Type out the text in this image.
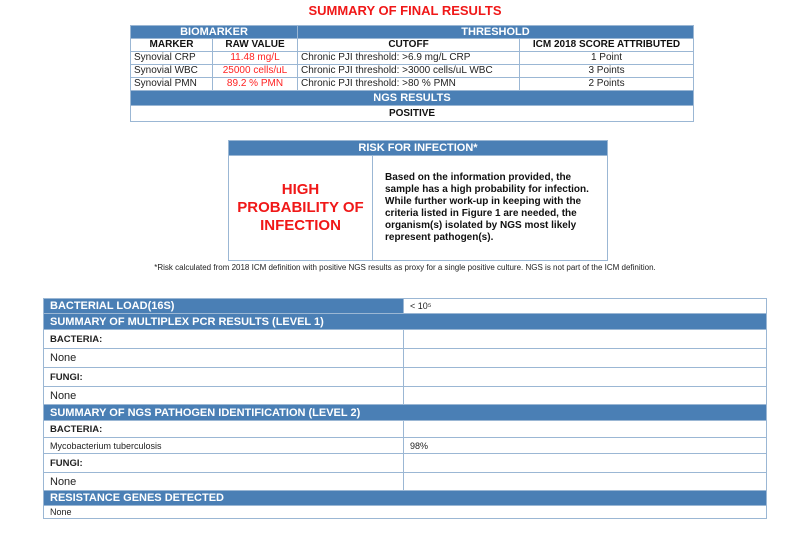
SUMMARY OF FINAL RESULTS
BIOMARKER		THRESHOLD	
MARKER	RAW VALUE	CUTOFF	ICM 2018 SCORE ATTRIBUTED
Synovial CRP	11.48 mg/L	Chronic PJI threshold: >6.9 mg/L CRP	1 Point
Synovial WBC	25000 cells/uL	Chronic PJI threshold: >3000 cells/uL WBC	3 Points
Synovial PMN	89.2 % PMN	Chronic PJI threshold: >80 % PMN	2 Points
NGS RESULTS			
POSITIVE			
RISK FOR INFECTION*
HIGH PROBABILITY OF INFECTION	Based on the information provided, the sample has a high probability for infection. While further work-up in keeping with the criteria listed in Figure 1 are needed, the organism(s) isolated by NGS most likely represent pathogen(s).
*Risk calculated from 2018 ICM definition with positive NGS results as proxy for a single positive culture. NGS is not part of the ICM definition.
BACTERIAL LOAD(16S)	< 10⁵
SUMMARY OF MULTIPLEX PCR RESULTS (LEVEL 1)	
BACTERIA:	
None	
FUNGI:	
None	
SUMMARY OF NGS PATHOGEN IDENTIFICATION (LEVEL 2)	
BACTERIA:	
Mycobacterium tuberculosis	98%
FUNGI:	
None	
RESISTANCE GENES DETECTED	
None	
